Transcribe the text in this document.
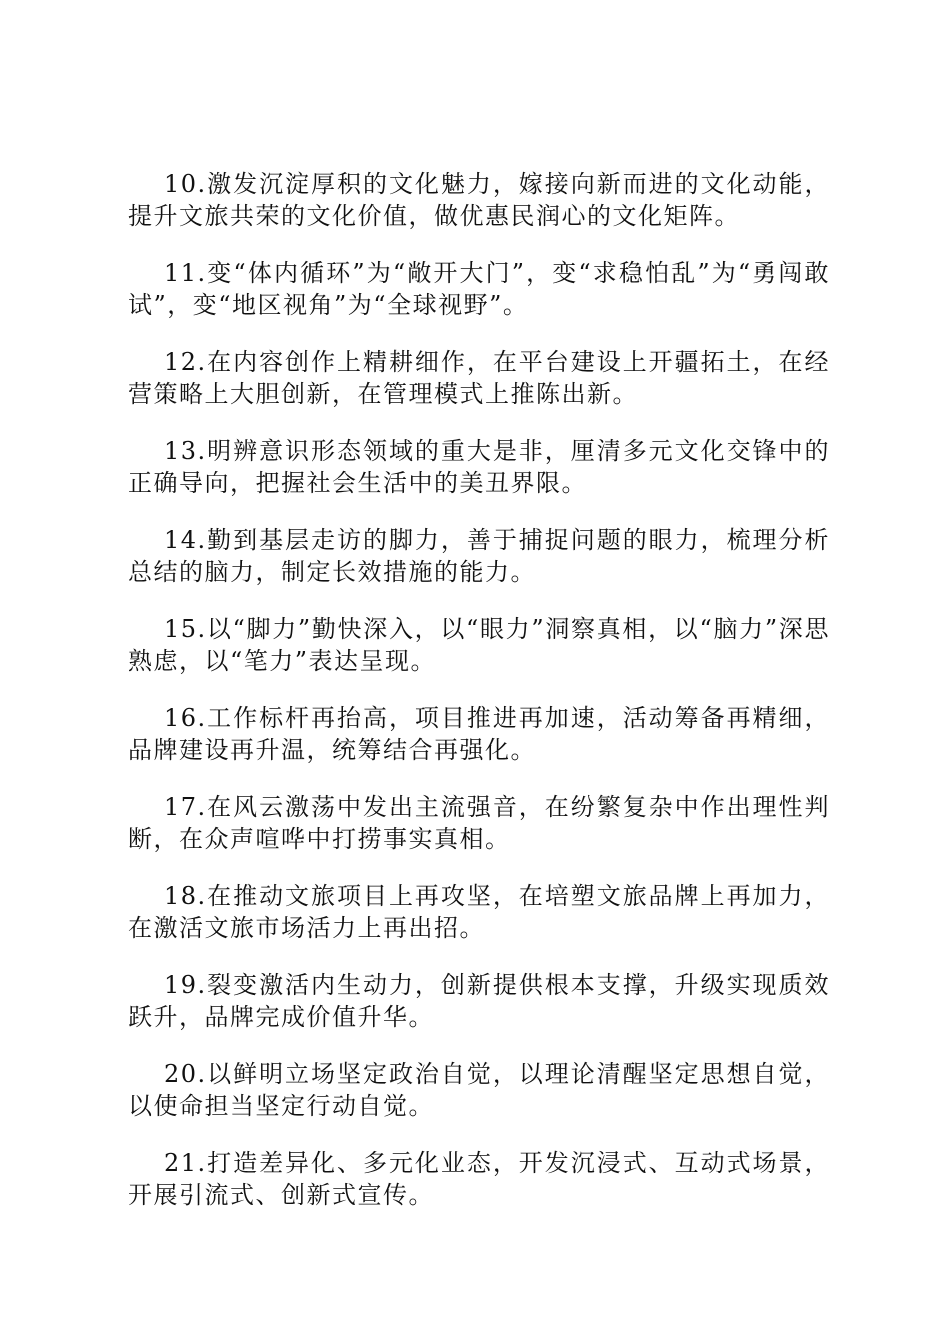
10.激发沉淀厚积的文化魅力，嫁接向新而进的文化动能，提升文旅共荣的文化价值，做优惠民润心的文化矩阵。

11.变“体内循环”为“敞开大门”，变“求稳怕乱”为“勇闯敢试”，变“地区视角”为“全球视野”。

12.在内容创作上精耕细作，在平台建设上开疆拓土，在经营策略上大胆创新，在管理模式上推陈出新。

13.明辨意识形态领域的重大是非，厘清多元文化交锋中的正确导向，把握社会生活中的美丑界限。

14.勤到基层走访的脚力，善于捕捉问题的眼力，梳理分析总结的脑力，制定长效措施的能力。

15.以“脚力”勤快深入，以“眼力”洞察真相，以“脑力”深思熟虑，以“笔力”表达呈现。

16.工作标杆再抬高，项目推进再加速，活动筹备再精细，品牌建设再升温，统筹结合再强化。

17.在风云激荡中发出主流强音，在纷繁复杂中作出理性判断，在众声喧哗中打捞事实真相。

18.在推动文旅项目上再攻坚，在培塑文旅品牌上再加力，在激活文旅市场活力上再出招。

19.裂变激活内生动力，创新提供根本支撑，升级实现质效跃升，品牌完成价值升华。

20.以鲜明立场坚定政治自觉，以理论清醒坚定思想自觉，以使命担当坚定行动自觉。

21.打造差异化、多元化业态，开发沉浸式、互动式场景，开展引流式、创新式宣传。
